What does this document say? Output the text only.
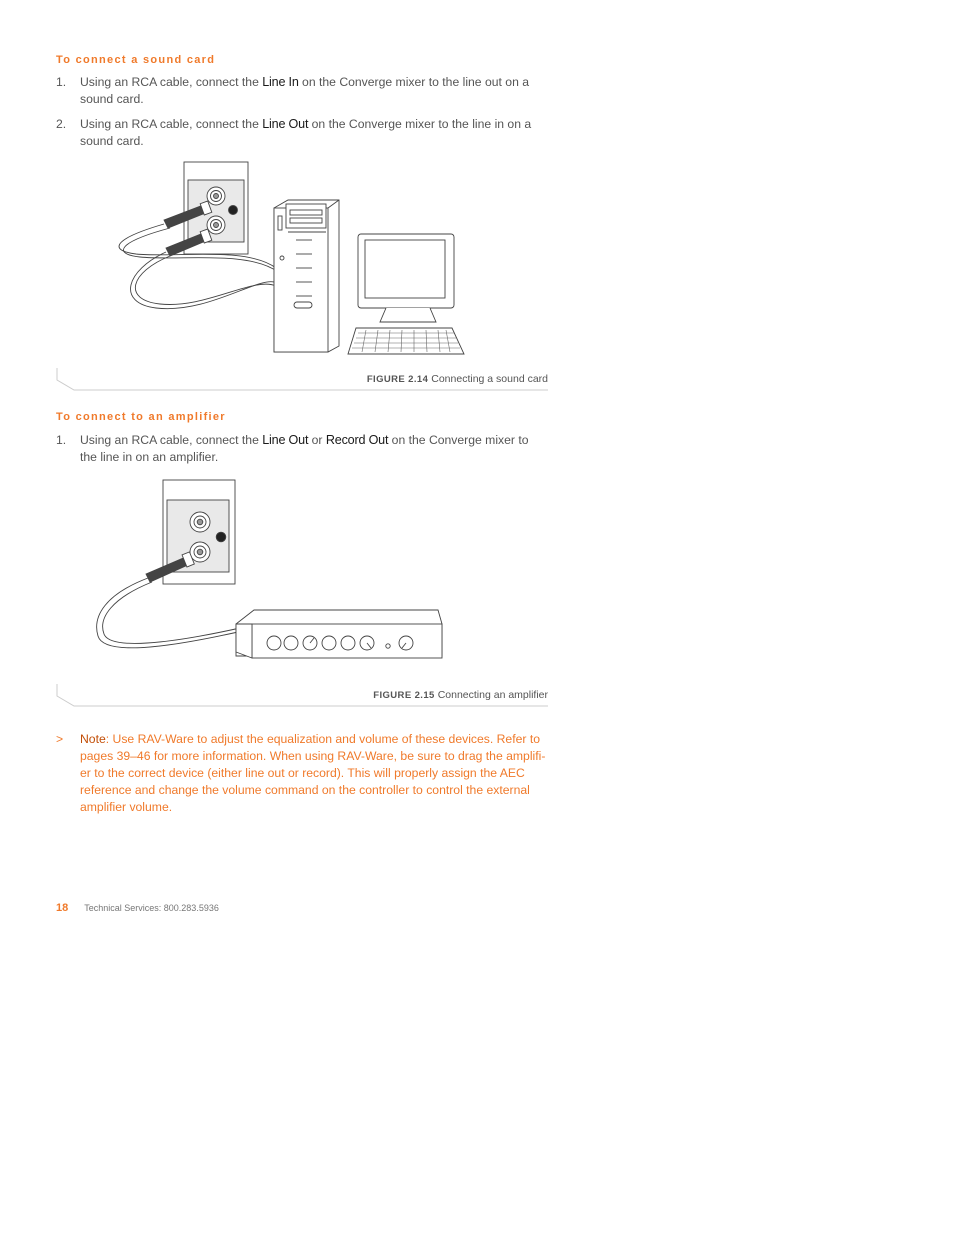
To connect a sound card
1. Using an RCA cable, connect the Line In on the Converge mixer to the line out on a sound card.
2. Using an RCA cable, connect the Line Out on the Converge mixer to the line in on a sound card.
FIGURE 2.14 Connecting a sound card
To connect to an amplifier
1. Using an RCA cable, connect the Line Out or Record Out on the Converge mixer to the line in on an amplifier.
FIGURE 2.15 Connecting an amplifier
> Note: Use RAV-Ware to adjust the equalization and volume of these devices. Refer to pages 39–46 for more information. When using RAV-Ware, be sure to drag the amplifi-er to the correct device (either line out or record). This will properly assign the AEC reference and change the volume command on the controller to control the external amplifier volume.
18 Technical Services: 800.283.5936
